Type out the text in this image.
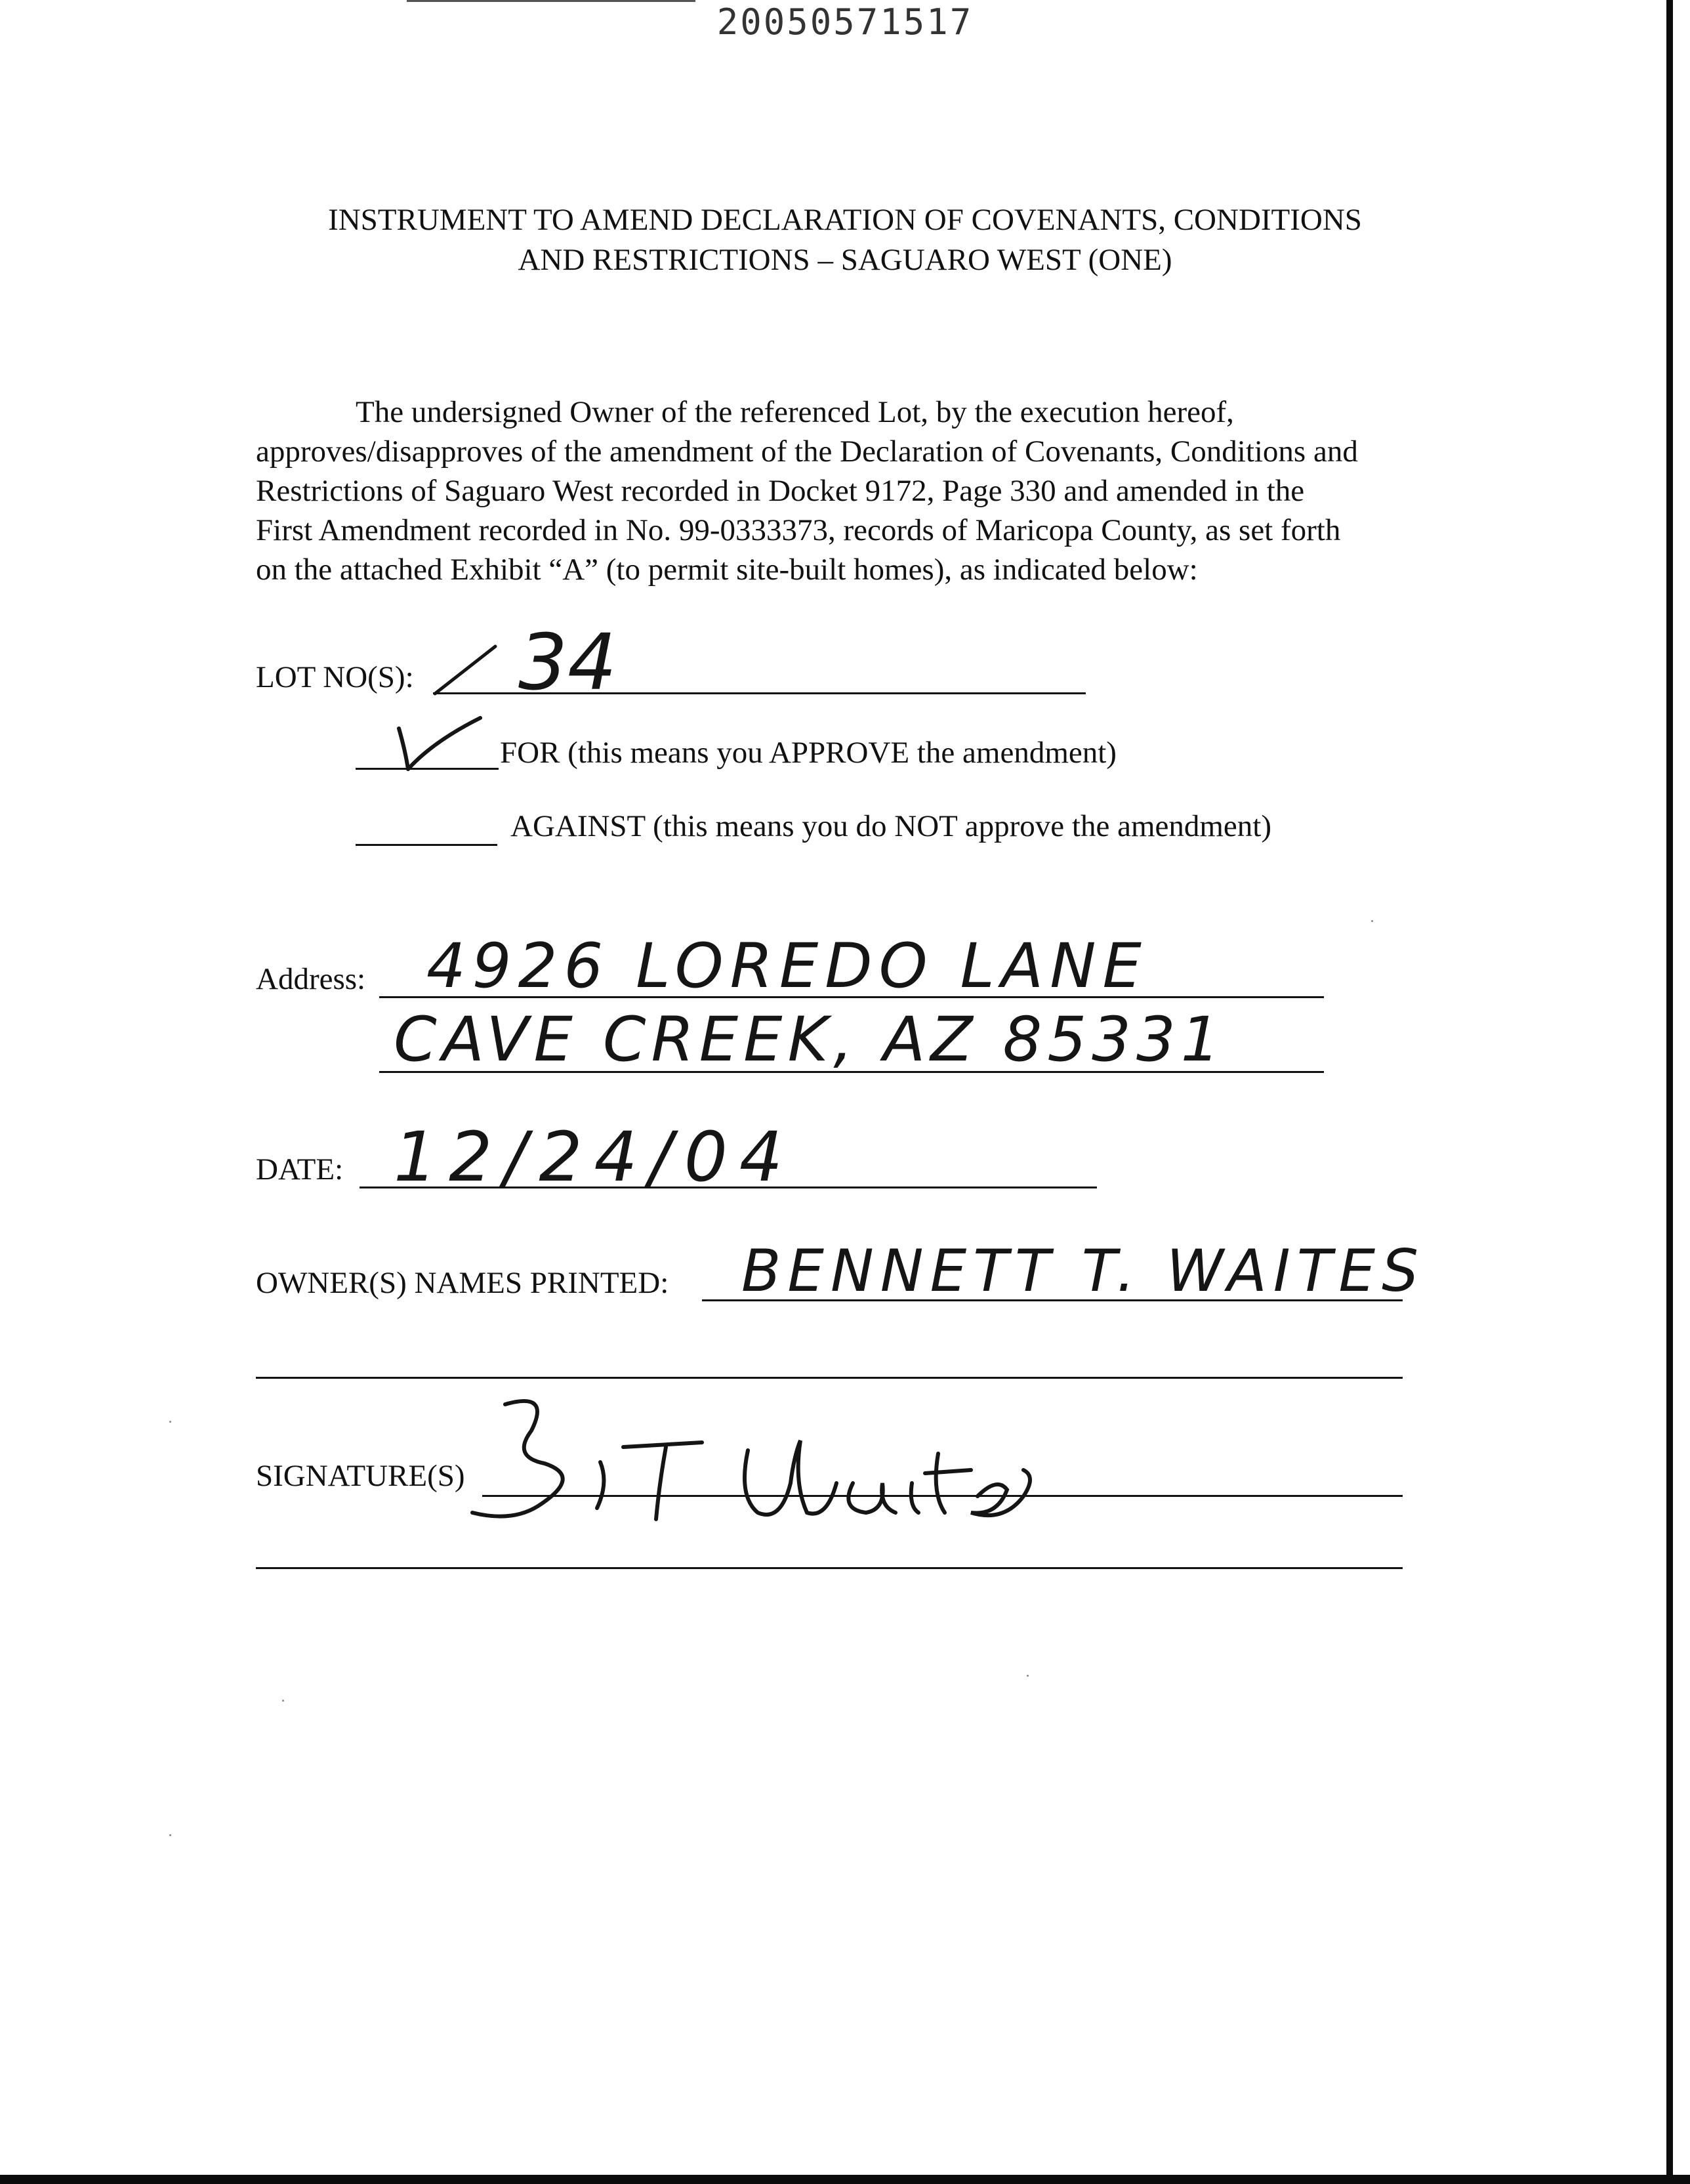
20050571517
INSTRUMENT TO AMEND DECLARATION OF COVENANTS, CONDITIONS
AND RESTRICTIONS – SAGUARO WEST (ONE)
The undersigned Owner of the referenced Lot, by the execution hereof,
approves/disapproves of the amendment of the Declaration of Covenants, Conditions and
Restrictions of Saguaro West recorded in Docket 9172, Page 330 and amended in the
First Amendment recorded in No. 99-0333373, records of Maricopa County, as set forth
on the attached Exhibit “A” (to permit site-built homes), as indicated below:
LOT NO(S): 34
FOR (this means you APPROVE the amendment)
AGAINST (this means you do NOT approve the amendment)
Address: 4926 LOREDO LANE
CAVE CREEK, AZ 85331
DATE: 12/24/04
OWNER(S) NAMES PRINTED: BENNETT T. WAITES
SIGNATURE(S)
